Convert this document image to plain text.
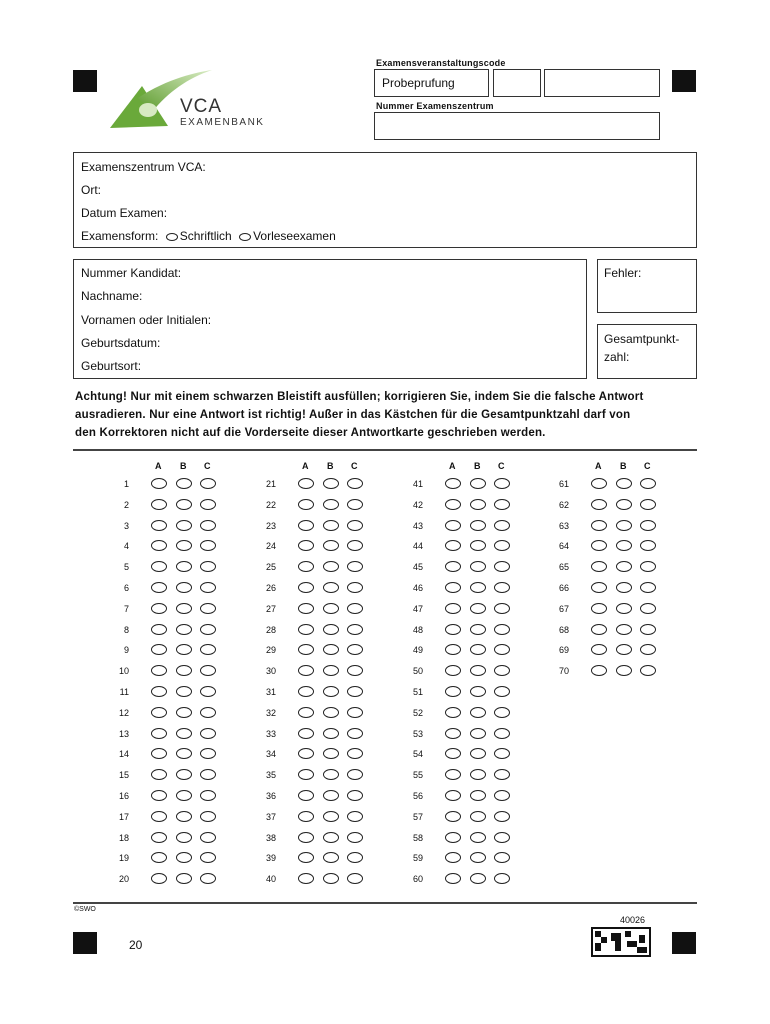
VCA
EXAMENBANK
Examensveranstaltungscode
Probeprufung
Nummer Examenszentrum
Examenszentrum VCA:
Ort:
Datum Examen:
Examensform: Schriftlich Vorleseexamen
Nummer Kandidat:
Nachname:
Vornamen oder Initialen:
Geburtsdatum:
Geburtsort:
Fehler:
Gesamtpunkt-
zahl:
Achtung! Nur mit einem schwarzen Bleistift ausfüllen; korrigieren Sie, indem Sie die falsche Antwort
ausradieren. Nur eine Antwort ist richtig! Außer in das Kästchen für die Gesamtpunktzahl darf von
den Korrektoren nicht auf die Vorderseite dieser Antwortkarte geschrieben werden.
A B C
1
2
3
4
5
6
7
8
9
10
11
12
13
14
15
16
17
18
19
20
A B C
21
22
23
24
25
26
27
28
29
30
31
32
33
34
35
36
37
38
39
40
A B C
41
42
43
44
45
46
47
48
49
50
51
52
53
54
55
56
57
58
59
60
A B C
61
62
63
64
65
66
67
68
69
70
©SWO
40026
20
